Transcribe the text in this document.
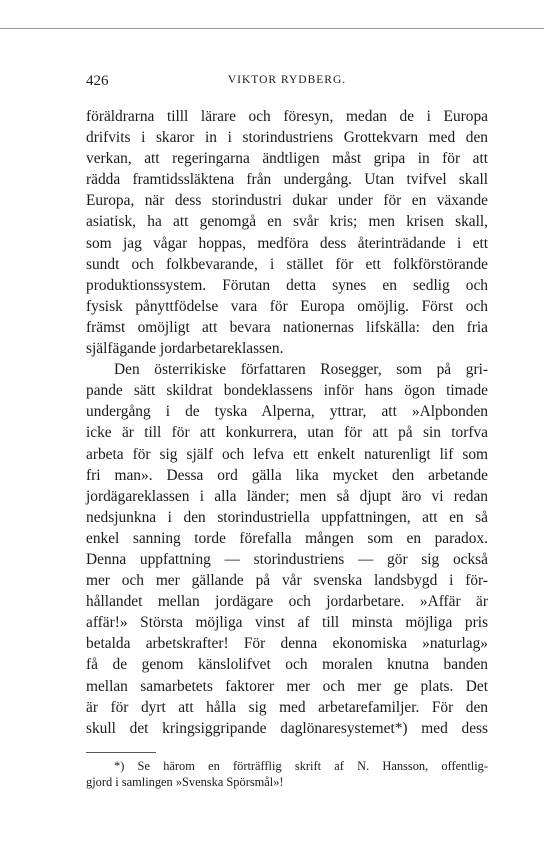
426	VIKTOR RYDBERG.
föräldrarna tilll lärare och föresyn, medan de i Europa
drifvits i skaror in i storindustriens Grottekvarn med den
verkan, att regeringarna ändtligen måst gripa in för att
rädda framtidssläktena från undergång. Utan tvifvel skall
Europa, när dess storindustri dukar under för en växande
asiatisk, ha att genomgå en svår kris; men krisen skall,
som jag vågar hoppas, medföra dess återinträdande i ett
sundt och folkbevarande, i stället för ett folkförstörande
produktionssystem. Förutan detta synes en sedlig och
fysisk pånyttfödelse vara för Europa omöjlig. Först och
främst omöjligt att bevara nationernas lifskälla: den fria
själfägande jordarbetareklassen.
Den österrikiske författaren Rosegger, som på gri-
pande sätt skildrat bondeklassens inför hans ögon timade
undergång i de tyska Alperna, yttrar, att »Alpbonden
icke är till för att konkurrera, utan för att på sin torfva
arbeta för sig själf och lefva ett enkelt naturenligt lif som
fri man». Dessa ord gälla lika mycket den arbetande
jordägareklassen i alla länder; men så djupt äro vi redan
nedsjunkna i den storindustriella uppfattningen, att en så
enkel sanning torde förefalla mången som en paradox.
Denna uppfattning — storindustriens — gör sig också
mer och mer gällande på vår svenska landsbygd i för-
hållandet mellan jordägare och jordarbetare. »Affär är
affär!» Största möjliga vinst af till minsta möjliga pris
betalda arbetskrafter! För denna ekonomiska »naturlag»
få de genom känslolifvet och moralen knutna banden
mellan samarbetets faktorer mer och mer ge plats. Det
är för dyrt att hålla sig med arbetarefamiljer. För den
skull det kringsiggripande daglönaresystemet*) med dess
*) Se härom en förträfflig skrift af N. Hansson, offentlig-
gjord i samlingen »Svenska Spörsmål»!
